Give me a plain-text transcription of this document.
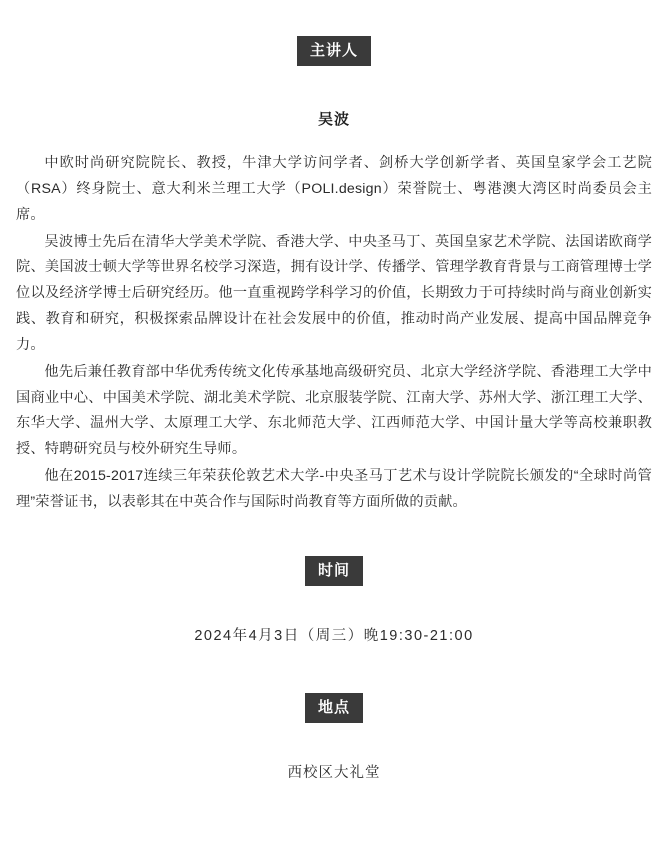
主讲人
吴波

中欧时尚研究院院长、教授，牛津大学访问学者、剑桥大学创新学者、英国皇家学会工艺院（RSA）终身院士、意大利米兰理工大学（POLI.design）荣誉院士、粤港澳大湾区时尚委员会主席。

吴波博士先后在清华大学美术学院、香港大学、中央圣马丁、英国皇家艺术学院、法国诺欧商学院、美国波士顿大学等世界名校学习深造，拥有设计学、传播学、管理学教育背景与工商管理博士学位以及经济学博士后研究经历。他一直重视跨学科学习的价值，长期致力于可持续时尚与商业创新实践、教育和研究，积极探索品牌设计在社会发展中的价值，推动时尚产业发展、提高中国品牌竞争力。

他先后兼任教育部中华优秀传统文化传承基地高级研究员、北京大学经济学院、香港理工大学中国商业中心、中国美术学院、湖北美术学院、北京服装学院、江南大学、苏州大学、浙江理工大学、东华大学、温州大学、太原理工大学、东北师范大学、江西师范大学、中国计量大学等高校兼职教授、特聘研究员与校外研究生导师。

他在2015-2017连续三年荣获伦敦艺术大学-中央圣马丁艺术与设计学院院长颁发的“全球时尚管理”荣誉证书，以表彰其在中英合作与国际时尚教育等方面所做的贡献。

时间
2024年4月3日（周三）晚19:30-21:00
地点
西校区大礼堂
